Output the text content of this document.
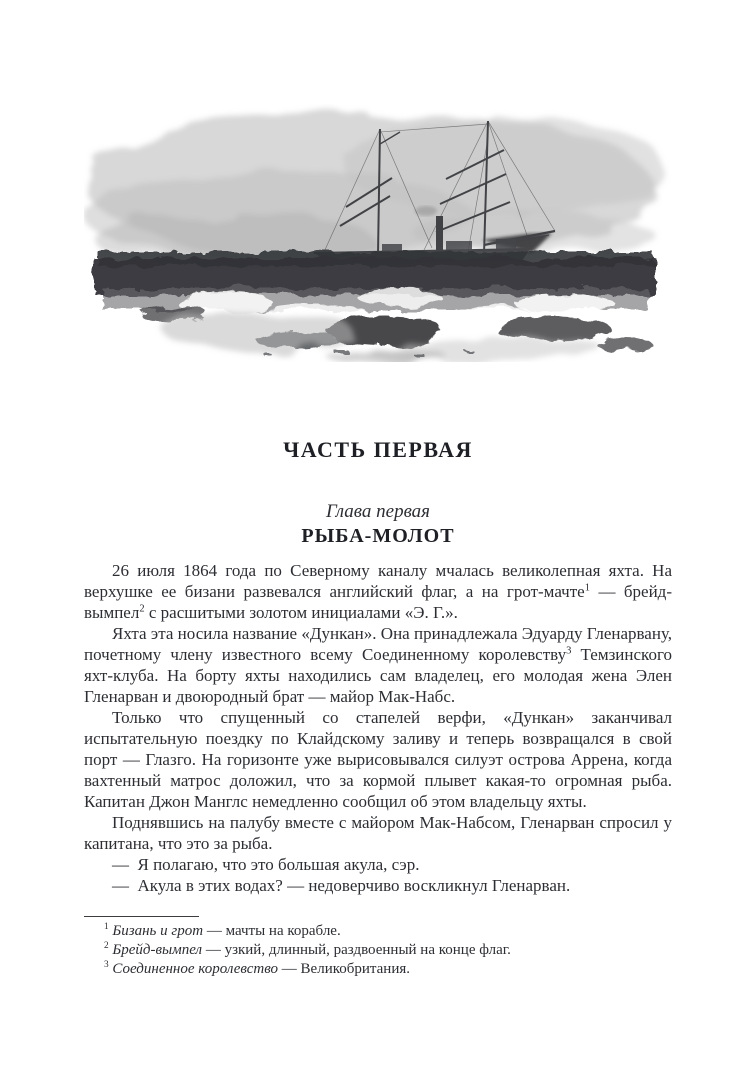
ЧАСТЬ ПЕРВАЯ
Глава первая
РЫБА-МОЛОТ

26 июля 1864 года по Северному каналу мчалась великолепная яхта. На верхушке ее бизани развевался английский флаг, а на грот-мачте$^1$ — брейд-вымпел$^2$ с расшитыми золотом инициалами «Э. Г.».

Яхта эта носила название «Дункан». Она принадлежала Эдуарду Гленарвану, почетному члену известного всему Соединенному королевству$^3$ Темзинского яхт-клуба. На борту яхты находились сам владелец, его молодая жена Элен Гленарван и двоюродный брат — майор Мак-Набс.

Только что спущенный со стапелей верфи, «Дункан» заканчивал испытательную поездку по Клайдскому заливу и теперь возвращался в свой порт — Глазго. На горизонте уже вырисовывался силуэт острова Аррена, когда вахтенный матрос доложил, что за кормой плывет какая-то огромная рыба. Капитан Джон Манглс немедленно сообщил об этом владельцу яхты.

Поднявшись на палубу вместе с майором Мак-Набсом, Гленарван спросил у капитана, что это за рыба.

— Я полагаю, что это большая акула, сэр.

— Акула в этих водах? — недоверчиво воскликнул Гленарван.

$^1$ Бизань и грот — мачты на корабле.

$^2$ Брейд-вымпел — узкий, длинный, раздвоенный на конце флаг.

$^3$ Соединенное королевство — Великобритания.
